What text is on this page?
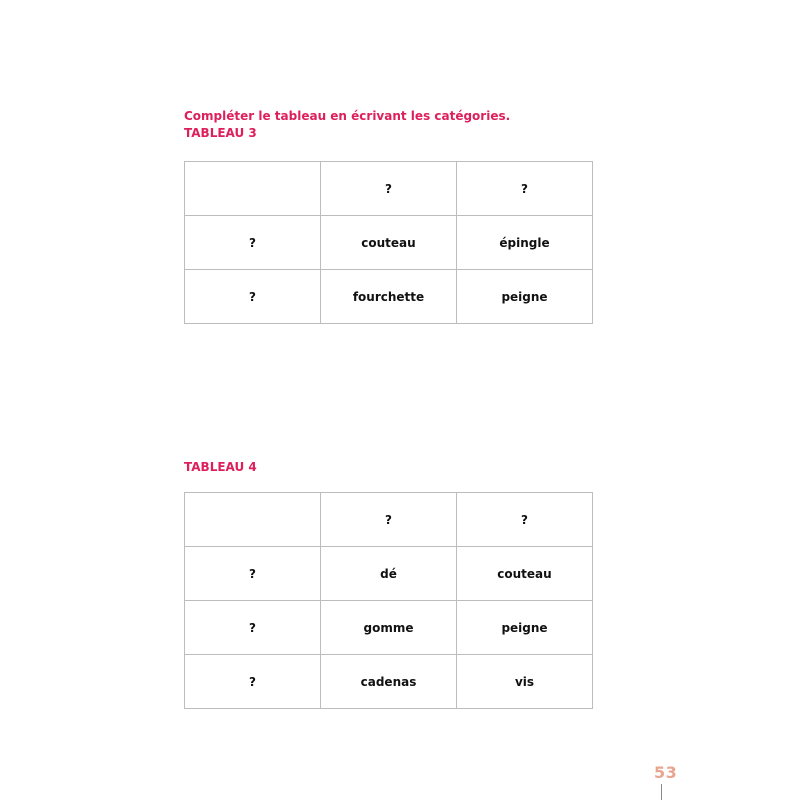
Compléter le tableau en écrivant les catégories.

TABLEAU 3

	?	?
?	couteau	épingle
?	fourchette	peigne

TABLEAU 4

	?	?
?	dé	couteau
?	gomme	peigne
?	cadenas	vis
53
